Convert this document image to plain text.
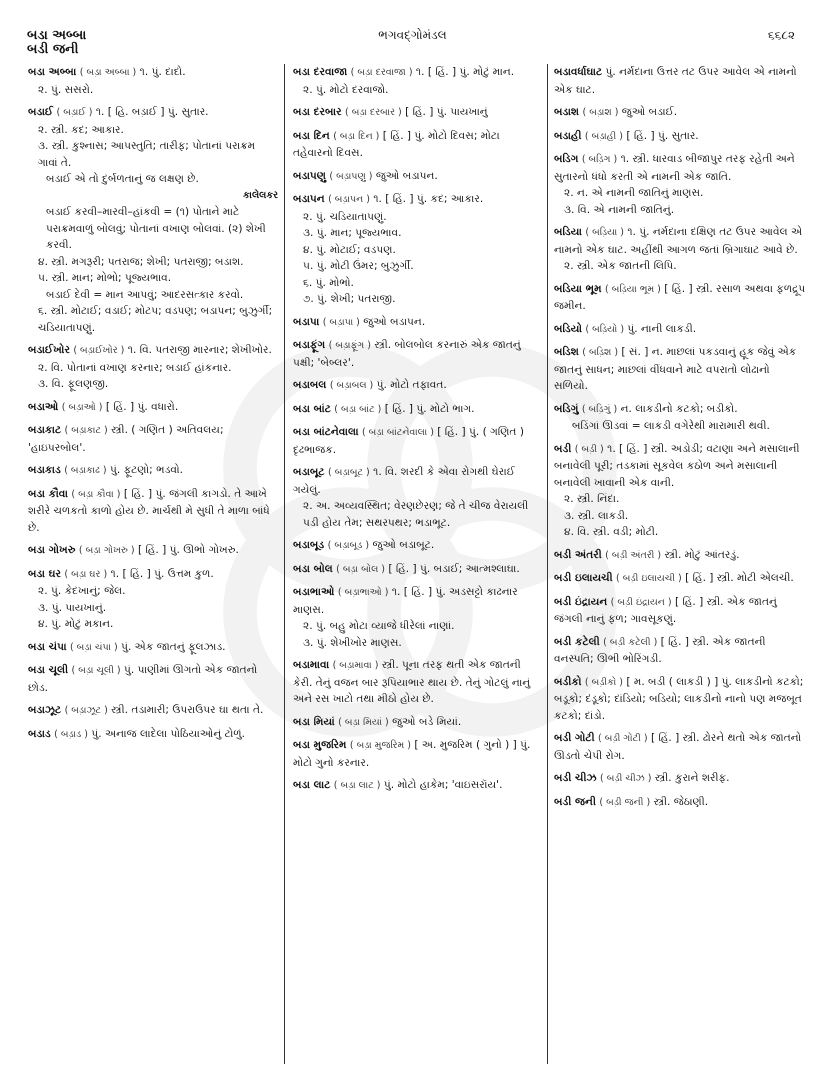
બડા અબ્બા
બડી જની
ભગવદ્ગોમંડલ	૬૬૮૨
બડા અબ્બા ( બડ઼ા અબ્બા ) ૧. પું. દાદો.
૨. પું. સસરો.
બડાઈ ( બડ઼ાઈ ) ૧. [ હિ. બડ઼ાઈ ] પું. સુતાર.
૨. સ્ત્રી. કદ; આકાર.
૩. સ્ત્રી. કુશ્નાસ; આપસ્તુતિ; તારીફ; પોતાનાં પરાક્રમ ગાવાં તે.
બડાઈ એ તો દુર્બળતાનું જ લક્ષણ છે.
કાલેલકર
બડાઈ કરવી–મારવી–હાંકવી = (૧) પોતાને માટે પરાક્રમવાળું બોલવું; પોતાનાં વખાણ બોલવાં. (૨) શેખી કરવી.
૪. સ્ત્રી. મગરૂરી; પતરાજ; શેખી; પતરાજી; બડાશ.
૫. સ્ત્રી. માન; મોભો; પૂજ્યભાવ.
બડાઈ દેવી = માન આપવું; આદરસત્કાર કરવો.
૬. સ્ત્રી. મોટાઈ; વડાઈ; મોટપ; વડપણ; બડાપન; બુઝુર્ગી; ચડિયાતાપણું.
બડાઈખોર ( બડ઼ાઈખોર ) ૧. વિ. પતરાજી મારનાર; શેખીખોર.
૨. વિ. પોતાનાં વખાણ કરનાર; બડાઈ હાંકનાર.
૩. વિ. ફૂલણજી.
બડાઓ ( બડ઼ાઓ ) [ હિં. ] પું. વધારો.
બડાકાટ ( બડ઼ાકાટ ) સ્ત્રી. ( ગણિત ) અતિવલય; 'હાઇપરબોલ'.
બડાકાડ ( બડ઼ાકાઢ ) પું. ફૂટણો; ભડવો.
બડા કૌવા ( બડ઼ા કૌવા ) [ હિં. ] પું. જંગલી કાગડો. તે આખે શરીરે ચળકતો કાળો હોય છે. માર્ચથી મે સુધી તે માળા બાંધે છે.
બડા ગોખરુ ( બડ઼ા ગોખરુ ) [ હિં. ] પું. ઊભો ગોખરુ.
બડા ઘર ( બડ઼ા ઘર ) ૧. [ હિં. ] પું. ઉત્તમ કુળ.
૨. પું. કેદખાનું; જેલ.
૩. પું. પાયખાનું.
૪. પું. મોટું મકાન.
બડા ચંપા ( બડ઼ા ચંપા ) પું. એક જાતનું ફૂલઝાડ.
બડા ચૂલી ( બડ઼ા ચૂલી ) પું. પાણીમાં ઊગતો એક જાતનો છોડ.
બડાઝૂટ ( બડ઼ાઝૂટ ) સ્ત્રી. તડામારી; ઉપરાઉપર ઘા થતા તે.
બડાડ ( બડ઼ાડ ) પું. અનાજ લાદેલા પોઠિયાઓનું ટોળું.
બડા દરવાજા ( બડ઼ા દરવાજા ) ૧. [ હિં. ] પું. મોટું માન.
૨. પું. મોટો દરવાજો.
બડા દરબાર ( બડ઼ા દરબાર ) [ હિં. ] પું. પાયખાનું
બડા દિન ( બડ઼ા દિન ) [ હિં. ] પું. મોટો દિવસ; મોટા તહેવારનો દિવસ.
બડાપણુ ( બડ઼ાપણુ ) જુઓ બડાપન.
બડાપન ( બડ઼ાપન ) ૧. [ હિં. ] પું. કદ; આકાર.
૨. પું. ચડિયાતાપણું.
૩. પું. માન; પૂજ્યભાવ.
૪. પું. મોટાઈ; વડપણ.
૫. પું. મોટી ઉંમર; બુઝુર્ગી.
૬. પું. મોભો.
૭. પું. શેખી; પતરાજી.
બડાપા ( બડ઼ાપા ) જુઓ બડાપન.
બડાફૂંગ ( બડ઼ાફૂંગ ) સ્ત્રી. બોલબોલ કરનારું એક જાતનું પક્ષી; 'બેબ્લર'.
બડાબલ ( બડ઼ાબલ ) પું. મોટો તફાવત.
બડા બાંટ ( બડ઼ા બાંટ ) [ હિં. ] પું. મોટો ભાગ.
બડા બાંટનેવાલા ( બડ઼ા બાંટનેવાલા ) [ હિં. ] પું. ( ગણિત ) દૃઢભાજક.
બડાબૂટ ( બડ઼ાબૂટ ) ૧. વિ. શરદી કે એવા રોગથી ઘેરાઈ ગયેલું.
૨. અ. અવ્યવસ્થિત; વેરણછેરણ; જે તે ચીજ વેરાયલી પડી હોય તેમ; સથરપથર; ભડાભૂટ.
બડાબૂડ ( બડ઼ાબૂડ ) જુઓ બડાબૂટ.
બડા બોલ ( બડ઼ા બોલ ) [ હિં. ] પું. બડાઈ; આત્મશ્લાઘા.
બડાભાઓ ( બડ઼ાભાઓ ) ૧. [ હિં. ] પું. અડસટ્ટો કાઢનાર માણસ.
૨. પું. બહુ મોટા વ્યાજે ધીરેલાં નાણાં.
૩. પું. શેખીખોર માણસ.
બડામાવા ( બડ઼ામાવા ) સ્ત્રી. પૂના તરફ થતી એક જાતની કેરી. તેનું વજન બાર રૂપિયાભાર થાય છે. તેનું ગોટલું નાનું અને રસ ખાટો તથા મીઠો હોય છે.
બડા મિયાં ( બડ઼ા મિયાં ) જુઓ બડે મિયાં.
બડા મુજરિમ ( બડ઼ા મુજરિમ ) [ અ. મુજરિમ ( ગુનો ) ] પું. મોટો ગુનો કરનાર.
બડા લાટ ( બડ઼ા લાટ ) પું. મોટો હાકેમ; 'વાઇસરૉય'.
બડાવર્ધાઘાટ પું. નર્મદાના ઉત્તર તટ ઉપર આવેલ એ નામનો એક ઘાટ.
બડાશ ( બડ઼ાશ ) જુઓ બડાઈ.
બડાહી ( બડ઼ાહી ) [ હિં. ] પું. સુતાર.
બડિગ ( બડ઼િગ ) ૧. સ્ત્રી. ધારવાડ બીજાપુર તરફ રહેતી અને સુતારનો ધંધો કરતી એ નામની એક જાતિ.
૨. ન. એ નામની જાતિનું માણસ.
૩. વિ. એ નામની જાતિનું.
બડિયા ( બડ઼િયા ) ૧. પું. નર્મદાના દક્ષિણ તટ ઉપર આવેલ એ નામનો એક ઘાટ. અહીંથી આગળ જતાં બ્રિગાઘાટ આવે છે.
૨. સ્ત્રી. એક જાતની લિપિ.
બડિયા ભૂમ ( બડ઼િયા ભૂમ ) [ હિં. ] સ્ત્રી. રસાળ અથવા ફળદ્રૂપ જમીન.
બડિયો ( બડ઼િયો ) પું. નાની લાકડી.
બડિશ ( બડ઼િશ ) [ સં. ] ન. માછલાં પકડવાનું હૂક જેવું એક જાતનું સાધન; માછલાં વીંધવાને માટે વપરાતો લોઢાનો સળિયો.
બડિગું ( બડ઼િગું ) ન. લાકડીનો કટકો; બડીકો.
બડિંગાં ઊડવાં = લાકડી વગેરેથી મારામારી થવી.
બડી ( બડ઼ી ) ૧. [ હિં. ] સ્ત્રી. અડોડી; વટાણા અને મસાલાની બનાવેલી પૂરી; તડકામાં સૂકવેલ કઠોળ અને મસાલાની બનાવેલી ખાવાની એક વાની.
૨. સ્ત્રી. નિંદા.
૩. સ્ત્રી. લાકડી.
૪. વિ. સ્ત્રી. વડી; મોટી.
બડી અંતરી ( બડ઼ી અંતરી ) સ્ત્રી. મોટું આંતરડું.
બડી ઇલાયચી ( બડ઼ી ઇલાયચી ) [ હિં. ] સ્ત્રી. મોટી એલચી.
બડી ઇંદ્રાયન ( બડ઼ી ઇંદ્રાયન ) [ હિં. ] સ્ત્રી. એક જાતનું જંગલી નાનું ફળ; ગાવસૂકણું.
બડી કટેલી ( બડ઼ી કટેલી ) [ હિં. ] સ્ત્રી. એક જાતની વનસ્પતિ; ઊભી ભોરિંગડી.
બડીકો ( બડ઼ીકો ) [ મ. બડી ( લાકડી ) ] પું. લાકડીનો કટકો; બડૂકો; દંડૂકો; દાંડિયો; બડિયો; લાકડીનો નાનો પણ મજબૂત કટકો; દાંડો.
બડી ગોટી ( બડ઼ી ગોટી ) [ હિં. ] સ્ત્રી. ઢોરને થતો એક જાતનો ઊડતો ચેપી રોગ.
બડી ચીઝ ( બડ઼ી ચીઝ ) સ્ત્રી. કુરાને શરીફ.
બડી જની ( બડ઼ી જની ) સ્ત્રી. જેઠાણી.
